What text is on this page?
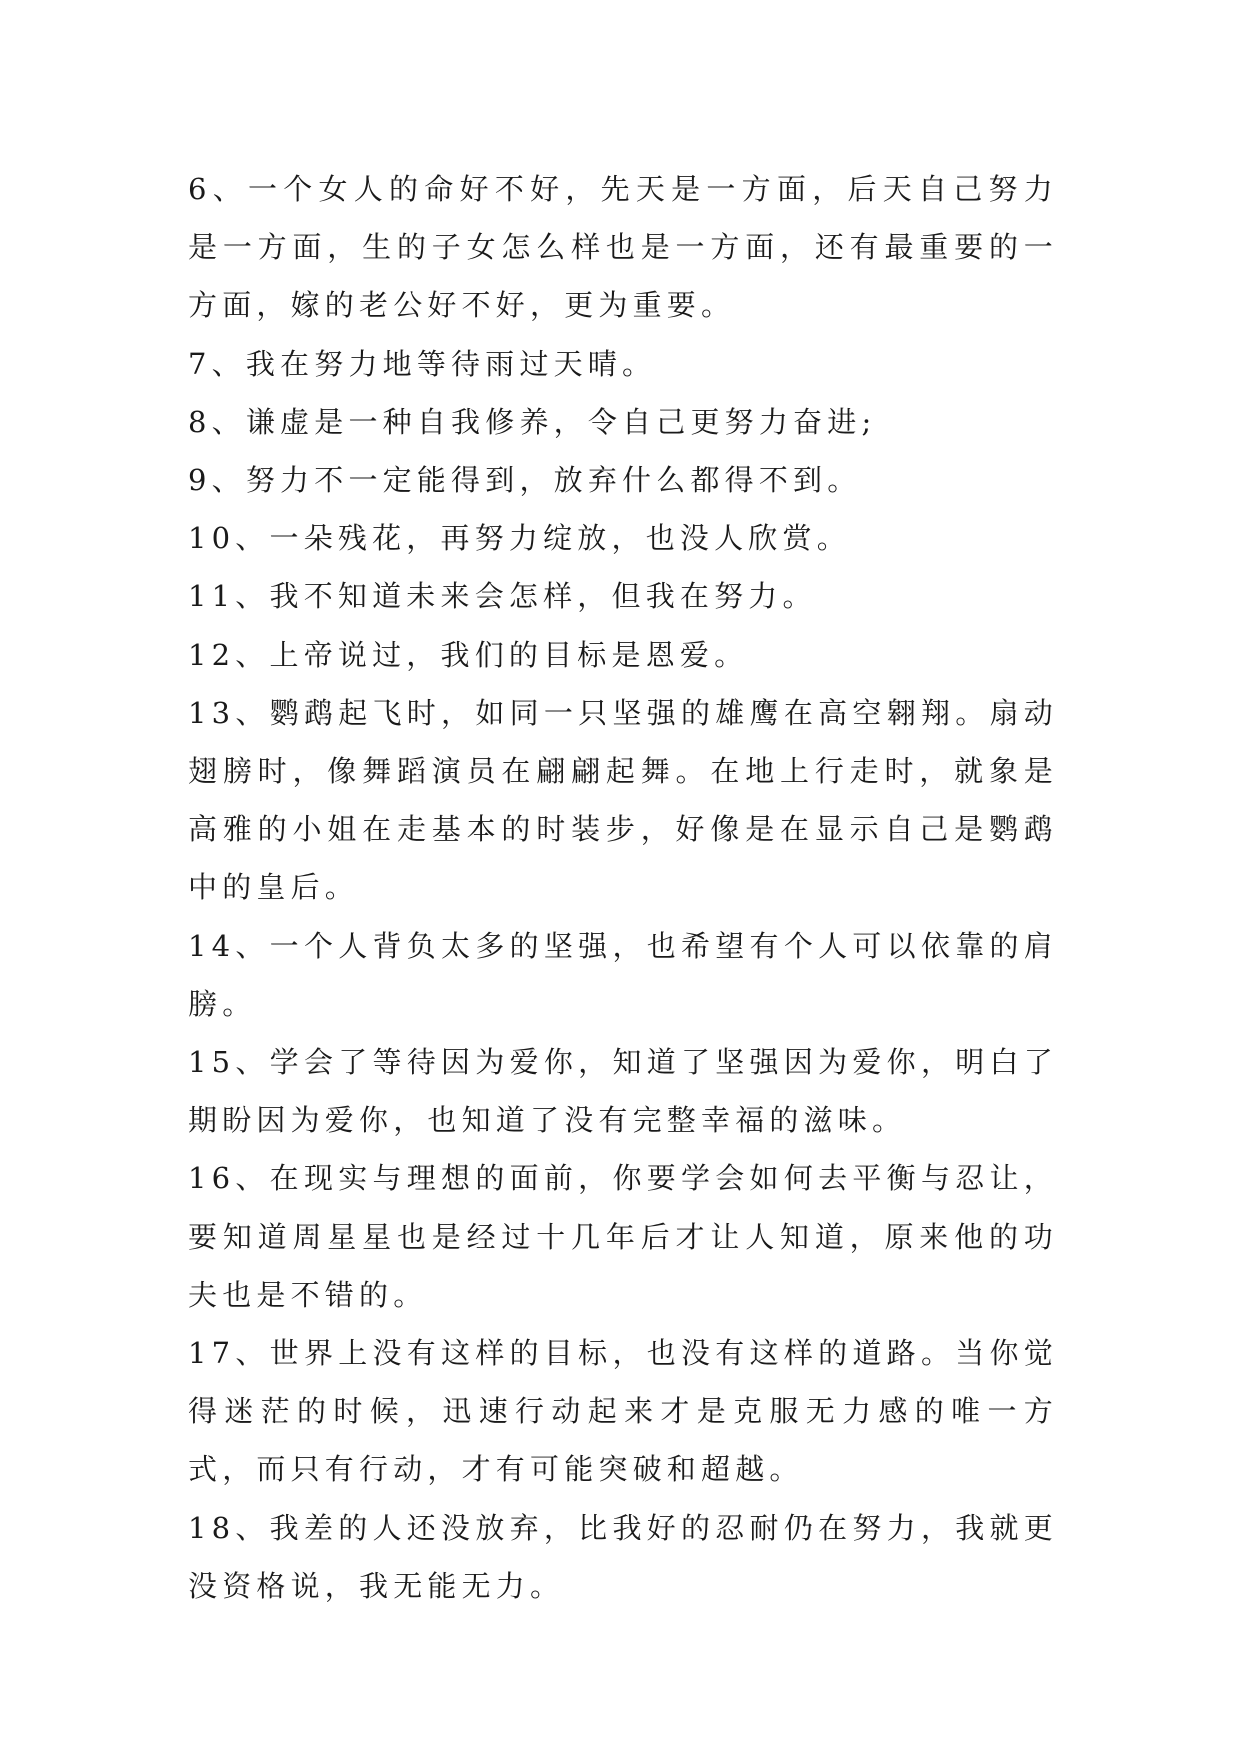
6、一个女人的命好不好，先天是一方面，后天自己努力是一方面，生的子女怎么样也是一方面，还有最重要的一方面，嫁的老公好不好，更为重要。

7、我在努力地等待雨过天晴。

8、谦虚是一种自我修养，令自己更努力奋进;

9、努力不一定能得到，放弃什么都得不到。

10、一朵残花，再努力绽放，也没人欣赏。

11、我不知道未来会怎样，但我在努力。

12、上帝说过，我们的目标是恩爱。

13、鹦鹉起飞时，如同一只坚强的雄鹰在高空翱翔。扇动翅膀时，像舞蹈演员在翩翩起舞。在地上行走时，就象是高雅的小姐在走基本的时装步，好像是在显示自己是鹦鹉中的皇后。

14、一个人背负太多的坚强，也希望有个人可以依靠的肩膀。

15、学会了等待因为爱你，知道了坚强因为爱你，明白了期盼因为爱你，也知道了没有完整幸福的滋味。

16、在现实与理想的面前，你要学会如何去平衡与忍让，要知道周星星也是经过十几年后才让人知道，原来他的功夫也是不错的。

17、世界上没有这样的目标，也没有这样的道路。当你觉得迷茫的时候，迅速行动起来才是克服无力感的唯一方式，而只有行动，才有可能突破和超越。

18、我差的人还没放弃，比我好的忍耐仍在努力，我就更没资格说，我无能无力。
